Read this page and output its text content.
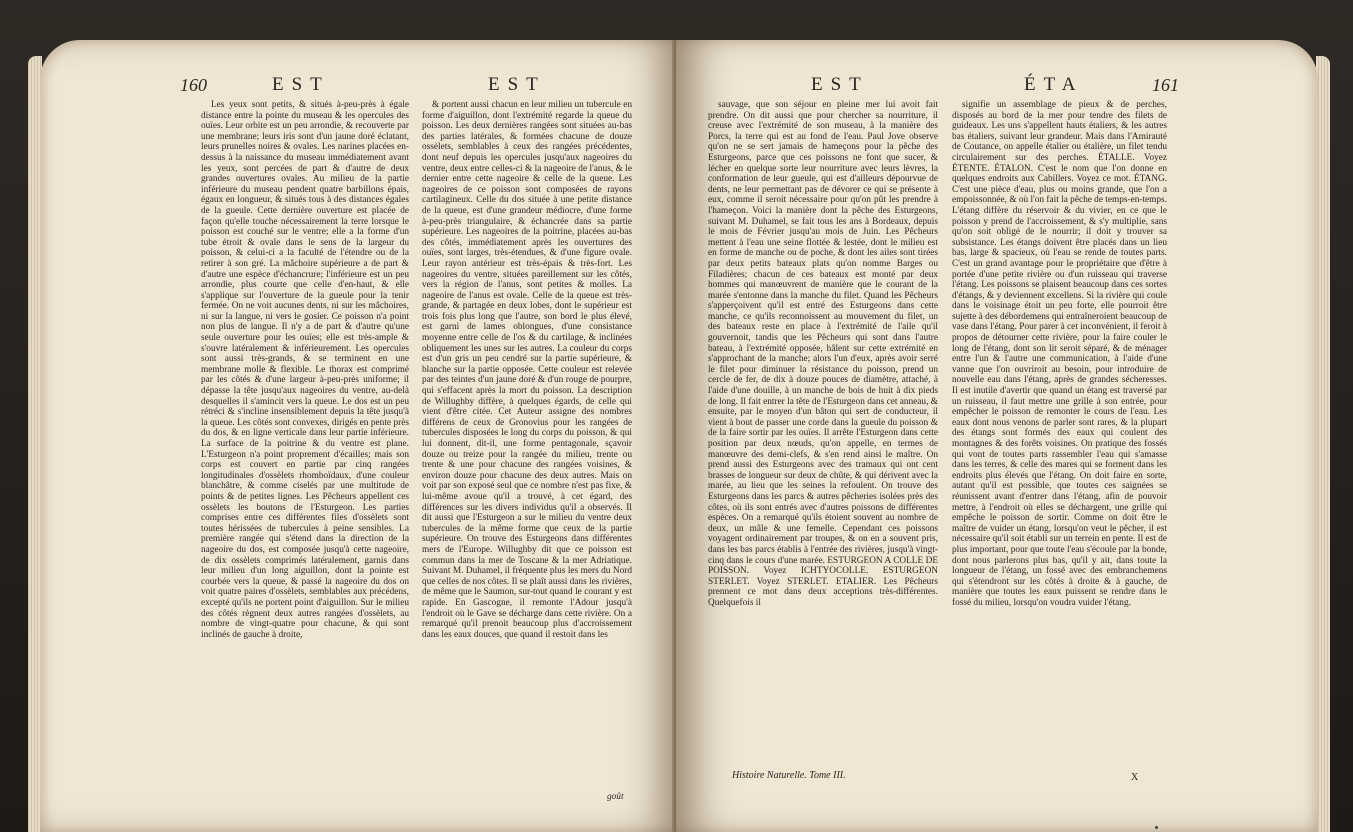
160	EST	EST

Les yeux sont petits, & situés à-peu-près à égale distance entre la pointe du museau & les opercules des ouïes. Leur orbite est un peu arrondie, & recouverte par une membrane; leurs iris sont d'un jaune doré éclatant, leurs prunelles noires & ovales. Les narines placées en-dessus à la naissance du museau immédiatement avant les yeux, sont percées de part & d'autre de deux grandes ouvertures ovales. Au milieu de la partie inférieure du museau pendent quatre barbillons épais, égaux en longueur, & situés tous à des distances égales de la gueule. Cette dernière ouverture est placée de façon qu'elle touche nécessairement la terre lorsque le poisson est couché sur le ventre; elle a la forme d'un tube étroit & ovale dans le sens de la largeur du poisson, & celui-ci a la faculté de l'étendre ou de la retirer à son gré. La mâchoire supérieure a de part & d'autre une espèce d'échancrure; l'inférieure est un peu arrondie, plus courte que celle d'en-haut, & elle s'applique sur l'ouverture de la gueule pour la tenir fermée. On ne voit aucunes dents, ni sur les mâchoires, ni sur la langue, ni vers le gosier. Ce poisson n'a point non plus de langue. Il n'y a de part & d'autre qu'une seule ouverture pour les ouïes; elle est très-ample & s'ouvre latéralement & inférieurement. Les opercules sont aussi très-grands, & se terminent en une membrane molle & flexible. Le thorax est comprimé par les côtés & d'une largeur à-peu-près uniforme; il dépasse la tête jusqu'aux nageoires du ventre, au-delà desquelles il s'amincit vers la queue. Le dos est un peu rétréci & s'incline insensiblement depuis la tête jusqu'à la queue. Les côtés sont convexes, dirigés en pente près du dos, & en ligne verticale dans leur partie inférieure. La surface de la poitrine & du ventre est plane. L'Esturgeon n'a point proprement d'écailles; mais son corps est couvert en partie par cinq rangées longitudinales d'ossèlets rhomboïdaux, d'une couleur blanchâtre, & comme ciselés par une multitude de points & de petites lignes. Les Pêcheurs appellent ces ossèlets les boutons de l'Esturgeon. Les parties comprises entre ces différentes files d'ossèlets sont toutes hérissées de tubercules à peine sensibles. La première rangée qui s'étend dans la direction de la nageoire du dos, est composée jusqu'à cette nageoire, de dix ossèlets comprimés latéralement, garnis dans leur milieu d'un long aiguillon, dont la pointe est courbée vers la queue, & passé la nageoire du dos on voit quatre paires d'ossèlets, semblables aux précédens, excepté qu'ils ne portent point d'aiguillon. Sur le milieu des côtés règnent deux autres rangées d'ossèlets, au nombre de vingt-quatre pour chacune, & qui sont inclinés de gauche à droite,

& portent aussi chacun en leur milieu un tubercule en forme d'aiguillon, dont l'extrémité regarde la queue du poisson. Les deux dernières rangées sont situées au-bas des parties latérales, & formées chacune de douze ossèlets, semblables à ceux des rangées précédentes, dont neuf depuis les opercules jusqu'aux nageoires du ventre, deux entre celles-ci & la nageoire de l'anus, & le dernier entre cette nageoire & celle de la queue. Les nageoires de ce poisson sont composées de rayons cartilagineux. Celle du dos située à une petite distance de la queue, est d'une grandeur médiocre, d'une forme à-peu-près triangulaire, & échancrée dans sa partie supérieure. Les nageoires de la poitrine, placées au-bas des côtés, immédiatement après les ouvertures des ouïes, sont larges, très-étendues, & d'une figure ovale. Leur rayon antérieur est très-épais & très-fort. Les nageoires du ventre, situées pareillement sur les côtés, vers la région de l'anus, sont petites & molles. La nageoire de l'anus est ovale. Celle de la queue est très-grande, & partagée en deux lobes, dont le supérieur est trois fois plus long que l'autre, son bord le plus élevé, est garni de lames oblongues, d'une consistance moyenne entre celle de l'os & du cartilage, & inclinées obliquement les unes sur les autres. La couleur du corps est d'un gris un peu cendré sur la partie supérieure, & blanche sur la partie opposée. Cette couleur est relevée par des teintes d'un jaune doré & d'un rouge de pourpre, qui s'effacent après la mort du poisson. La description de Willughby diffère, à quelques égards, de celle qui vient d'être citée. Cet Auteur assigne des nombres différens de ceux de Gronovius pour les rangées de tubercules disposées le long du corps du poisson, & qui lui donnent, dit-il, une forme pentagonale, sçavoir douze ou treize pour la rangée du milieu, trente ou trente & une pour chacune des rangées voisines, & environ douze pour chacune des deux autres. Mais on voit par son exposé seul que ce nombre n'est pas fixe, & lui-même avoue qu'il a trouvé, à cet égard, des différences sur les divers individus qu'il a observés. Il dit aussi que l'Esturgeon a sur le milieu du ventre deux tubercules de la même forme que ceux de la partie supérieure. On trouve des Esturgeons dans différentes mers de l'Europe. Willughby dit que ce poisson est commun dans la mer de Toscane & la mer Adriatique. Suivant M. Duhamel, il fréquente plus les mers du Nord que celles de nos côtes. Il se plaît aussi dans les rivières, de même que le Saumon, sur-tout quand le courant y est rapide. En Gascogne, il remonte l'Adour jusqu'à l'endroit où le Gave se décharge dans cette rivière. On a remarqué qu'il prenoit beaucoup plus d'accroissement dans les eaux douces, que quand il restoit dans les

goût
EST	ÉTA	161

sauvage, que son séjour en pleine mer lui avoit fait prendre. On dit aussi que pour chercher sa nourriture, il creuse avec l'extrémité de son museau, à la manière des Porcs, la terre qui est au fond de l'eau. Paul Jove observe qu'on ne se sert jamais de hameçons pour la pêche des Esturgeons, parce que ces poissons ne font que sucer, & lécher en quelque sorte leur nourriture avec leurs lèvres, la conformation de leur gueule, qui est d'ailleurs dépourvue de dents, ne leur permettant pas de dévorer ce qui se présente à eux, comme il seroit nécessaire pour qu'on pût les prendre à l'hameçon. Voici la manière dont la pêche des Esturgeons, suivant M. Duhamel, se fait tous les ans à Bordeaux, depuis le mois de Février jusqu'au mois de Juin. Les Pêcheurs mettent à l'eau une seine flottée & lestée, dont le milieu est en forme de manche ou de poche, & dont les ailes sont tirées par deux petits bateaux plats qu'on nomme Barges ou Filadières; chacun de ces bateaux est monté par deux hommes qui manœuvrent de manière que le courant de la marée s'entonne dans la manche du filet. Quand les Pêcheurs s'apperçoivent qu'il est entré des Esturgeons dans cette manche, ce qu'ils reconnoissent au mouvement du filet, un des bateaux reste en place à l'extrémité de l'aile qu'il gouvernoit, tandis que les Pêcheurs qui sont dans l'autre bateau, à l'extrémité opposée, hâlent sur cette extrémité en s'approchant de la manche; alors l'un d'eux, après avoir serré le filet pour diminuer la résistance du poisson, prend un cercle de fer, de dix à douze pouces de diamètre, attaché, à l'aide d'une douille, à un manche de bois de huit à dix pieds de long. Il fait entrer la tête de l'Esturgeon dans cet anneau, & ensuite, par le moyen d'un bâton qui sert de conducteur, il vient à bout de passer une corde dans la gueule du poisson & de la faire sortir par les ouïes. Il arrête l'Esturgeon dans cette position par deux nœuds, qu'on appelle, en termes de manœuvre des demi-clefs, & s'en rend ainsi le maître. On prend aussi des Esturgeons avec des tramaux qui ont cent brasses de longueur sur deux de chûte, & qui dérivent avec la marée, au lieu que les seines la refoulent. On trouve des Esturgeons dans les parcs & autres pêcheries isolées près des côtes, où ils sont entrés avec d'autres poissons de différentes espèces. On a remarqué qu'ils étoient souvent au nombre de deux, un mâle & une femelle. Cependant ces poissons voyagent ordinairement par troupes, & on en a souvent pris, dans les bas parcs établis à l'entrée des rivières, jusqu'à vingt-cinq dans le cours d'une marée. ESTURGEON A COLLE DE POISSON. Voyez ICHTYOCOLLE. ESTURGEON STERLET. Voyez STERLET. ETALIER. Les Pêcheurs prennent ce mot dans deux acceptions très-différentes. Quelquefois il

signifie un assemblage de pieux & de perches, disposés au bord de la mer pour tendre des filets de guideaux. Les uns s'appellent hauts étaliers, & les autres bas étaliers, suivant leur grandeur. Mais dans l'Amirauté de Coutance, on appelle étalier ou étalière, un filet tendu circulairement sur des perches. ÉTALLE. Voyez ÉTENTE. ÉTALON. C'est le nom que l'on donne en quelques endroits aux Cabillers. Voyez ce mot. ÉTANG. C'est une pièce d'eau, plus ou moins grande, que l'on a empoissonnée, & où l'on fait la pêche de temps-en-temps. L'étang diffère du réservoir & du vivier, en ce que le poisson y prend de l'accroissement, & s'y multiplie, sans qu'on soit obligé de le nourrir; il doit y trouver sa subsistance. Les étangs doivent être placés dans un lieu bas, large & spacieux, où l'eau se rende de toutes parts. C'est un grand avantage pour le propriétaire que d'être à portée d'une petite rivière ou d'un ruisseau qui traverse l'étang. Les poissons se plaisent beaucoup dans ces sortes d'étangs, & y deviennent excellens. Si la rivière qui coule dans le voisinage étoit un peu forte, elle pourroit être sujette à des débordemens qui entraîneroient beaucoup de vase dans l'étang. Pour parer à cet inconvénient, il feroit à propos de détourner cette rivière, pour la faire couler le long de l'étang, dont son lit seroit séparé, & de ménager entre l'un & l'autre une communication, à l'aide d'une vanne que l'on ouvriroit au besoin, pour introduire de nouvelle eau dans l'étang, après de grandes sécheresses. Il est inutile d'avertir que quand un étang est traversé par un ruisseau, il faut mettre une grille à son entrée, pour empêcher le poisson de remonter le cours de l'eau. Les eaux dont nous venons de parler sont rares, & la plupart des étangs sont formés des eaux qui coulent des montagnes & des forêts voisines. On pratique des fossés qui vont de toutes parts rassembler l'eau qui s'amasse dans les terres, & celle des mares qui se forment dans les endroits plus élevés que l'étang. On doit faire en sorte, autant qu'il est possible, que toutes ces saignées se réunissent avant d'entrer dans l'étang, afin de pouvoir mettre, à l'endroit où elles se déchargent, une grille qui empêche le poisson de sortir. Comme on doit être le maître de vuider un étang, lorsqu'on veut le pêcher, il est nécessaire qu'il soit établi sur un terrein en pente. Il est de plus important, pour que toute l'eau s'écoule par la bonde, dont nous parlerons plus bas, qu'il y ait, dans toute la longueur de l'étang, un fossé avec des embranchemens qui s'étendront sur les côtés à droite & à gauche, de manière que toutes les eaux puissent se rendre dans le fossé du milieu, lorsqu'on voudra vuider l'étang.

Histoire Naturelle. Tome III.	X
